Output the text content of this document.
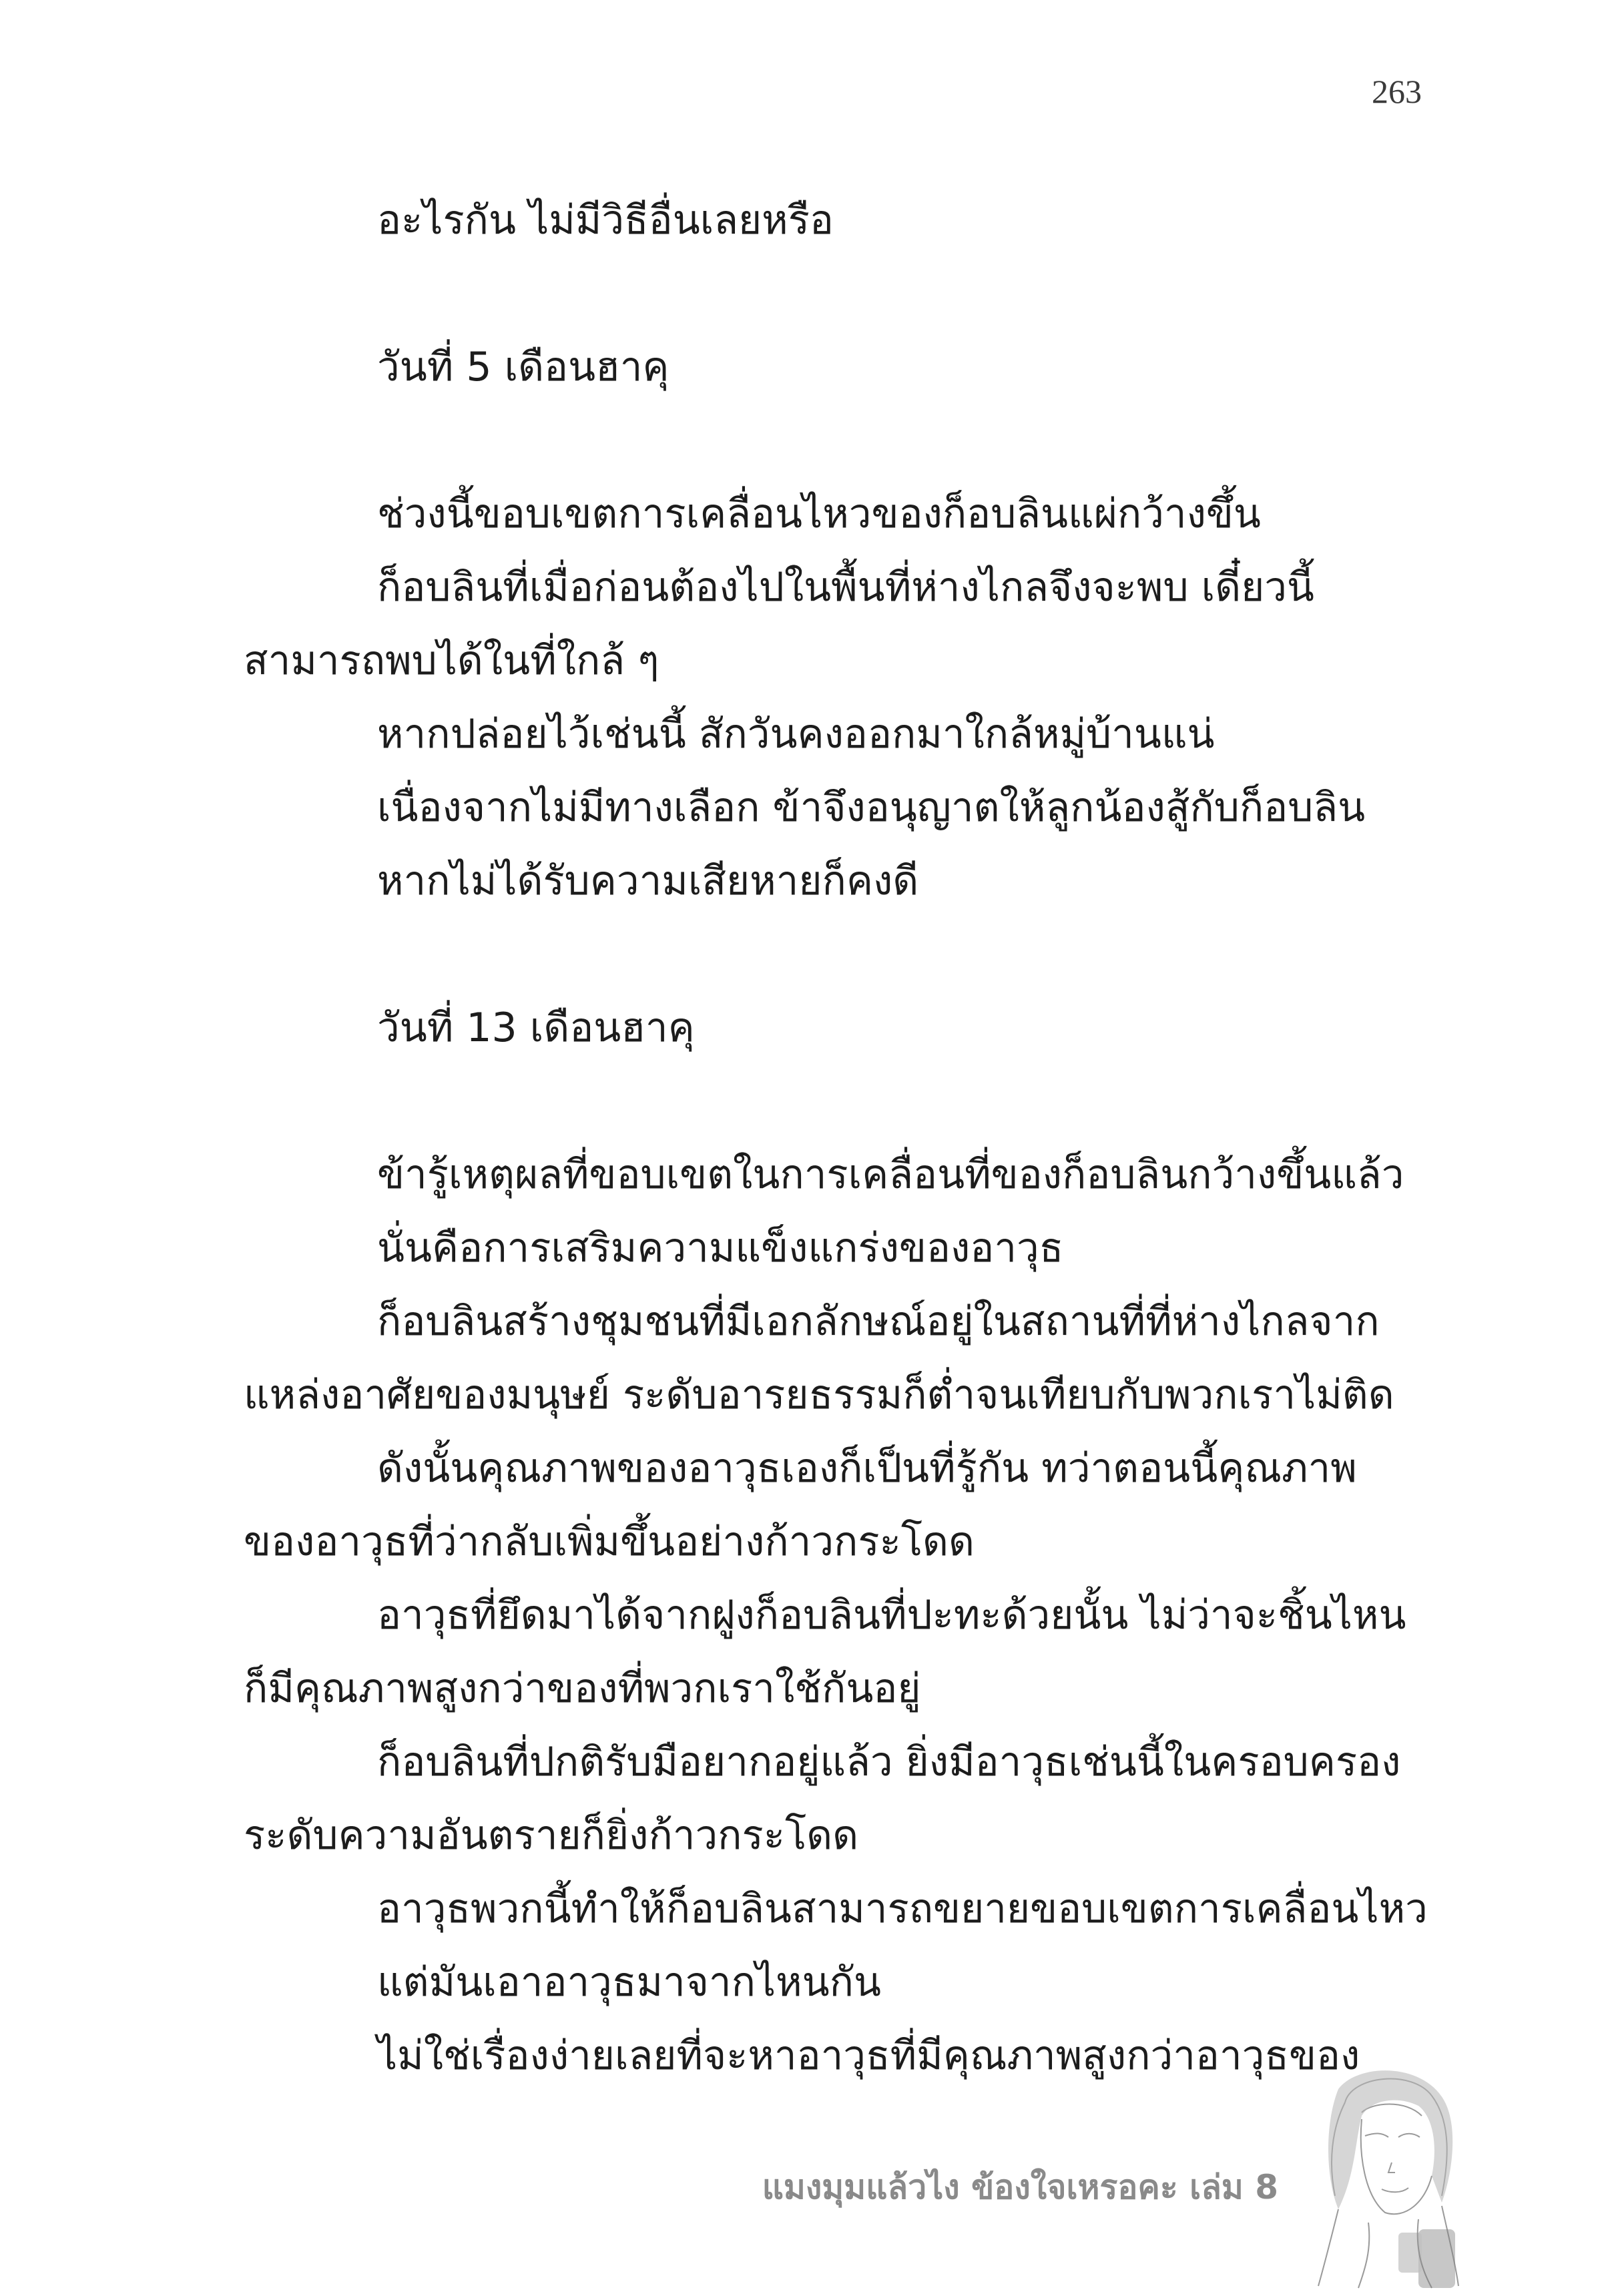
263
อะไรกัน ไม่มีวิธีอื่นเลยหรือ
วันที่ 5 เดือนฮาคุ
ช่วงนี้ขอบเขตการเคลื่อนไหวของก็อบลินแผ่กว้างขึ้น
ก็อบลินที่เมื่อก่อนต้องไปในพื้นที่ห่างไกลจึงจะพบ เดี๋ยวนี้
สามารถพบได้ในที่ใกล้ ๆ
หากปล่อยไว้เช่นนี้ สักวันคงออกมาใกล้หมู่บ้านแน่
เนื่องจากไม่มีทางเลือก ข้าจึงอนุญาตให้ลูกน้องสู้กับก็อบลิน
หากไม่ได้รับความเสียหายก็คงดี
วันที่ 13 เดือนฮาคุ
ข้ารู้เหตุผลที่ขอบเขตในการเคลื่อนที่ของก็อบลินกว้างขึ้นแล้ว
นั่นคือการเสริมความแข็งแกร่งของอาวุธ
ก็อบลินสร้างชุมชนที่มีเอกลักษณ์อยู่ในสถานที่ที่ห่างไกลจาก
แหล่งอาศัยของมนุษย์ ระดับอารยธรรมก็ต่ำจนเทียบกับพวกเราไม่ติด
ดังนั้นคุณภาพของอาวุธเองก็เป็นที่รู้กัน ทว่าตอนนี้คุณภาพ
ของอาวุธที่ว่ากลับเพิ่มขึ้นอย่างก้าวกระโดด
อาวุธที่ยึดมาได้จากฝูงก็อบลินที่ปะทะด้วยนั้น ไม่ว่าจะชิ้นไหน
ก็มีคุณภาพสูงกว่าของที่พวกเราใช้กันอยู่
ก็อบลินที่ปกติรับมือยากอยู่แล้ว ยิ่งมีอาวุธเช่นนี้ในครอบครอง
ระดับความอันตรายก็ยิ่งก้าวกระโดด
อาวุธพวกนี้ทำให้ก็อบลินสามารถขยายขอบเขตการเคลื่อนไหว
แต่มันเอาอาวุธมาจากไหนกัน
ไม่ใช่เรื่องง่ายเลยที่จะหาอาวุธที่มีคุณภาพสูงกว่าอาวุธของ
แมงมุมแล้วไง ข้องใจเหรอคะ เล่ม 8
